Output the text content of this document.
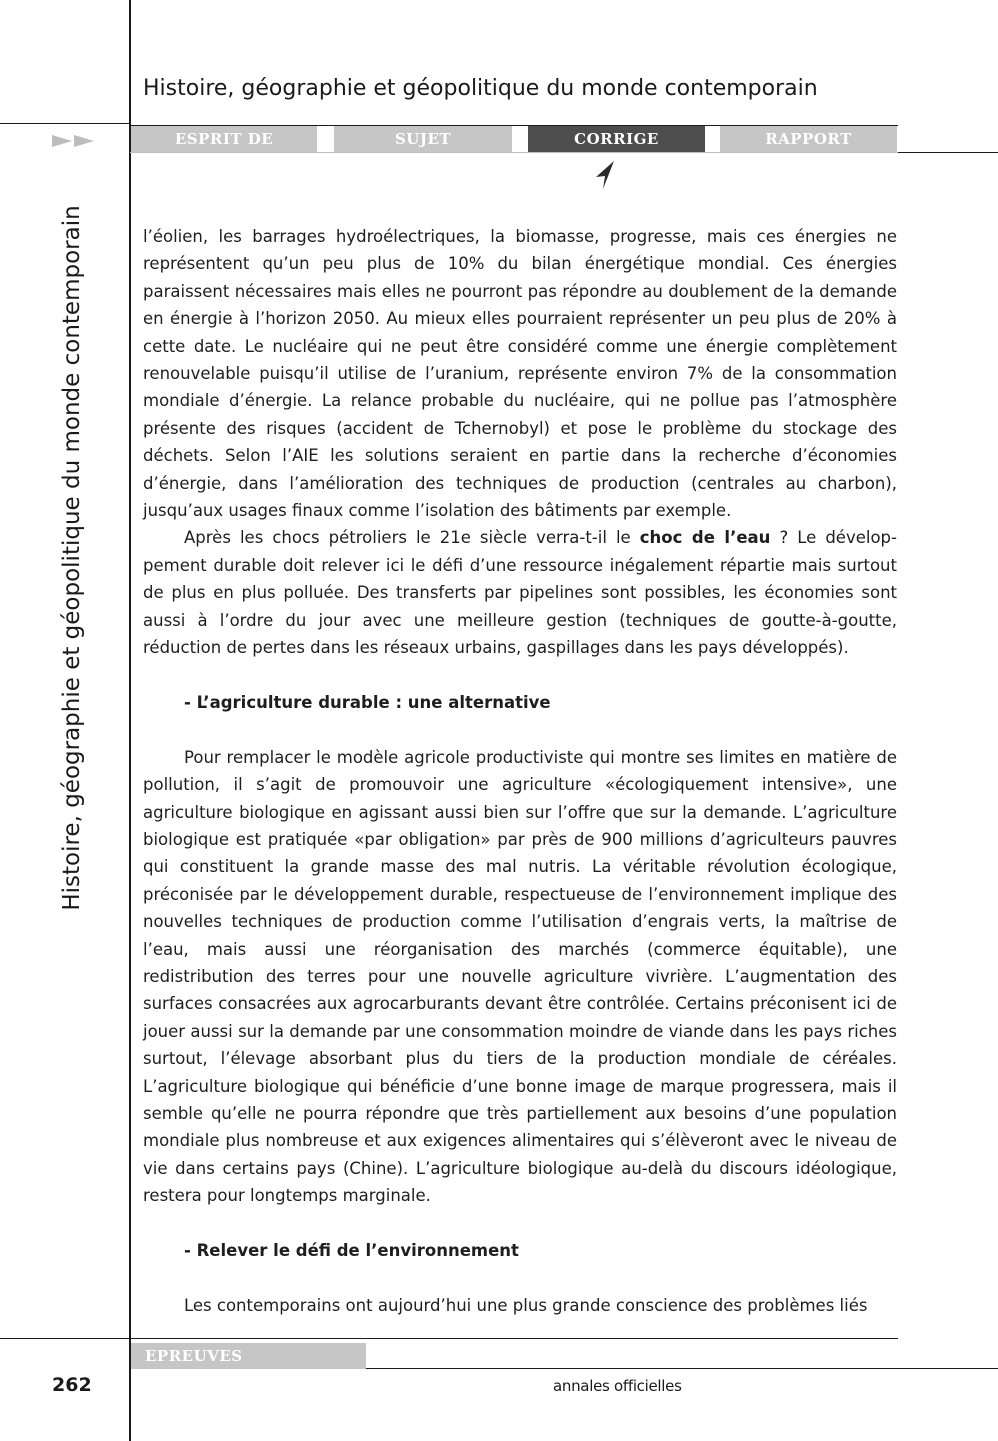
Histoire, géographie et géopolitique du monde contemporain
Histoire, géographie et géopolitique du monde contemporain
ESPRIT DE L’EPREUVE
SUJET	CORRIGE	RAPPORT

l’éolien, les barrages hydroélectriques, la biomasse, progresse, mais ces énergies ne représentent qu’un peu plus de 10% du bilan énergétique mondial. Ces énergies paraissent nécessaires mais elles ne pourront pas répondre au doublement de la demande en énergie à l’horizon 2050. Au mieux elles pourraient représenter un peu plus de 20% à cette date. Le nucléaire qui ne peut être considéré comme une énergie complètement renouvelable puisqu’il utilise de l’uranium, représente environ 7% de la consommation mondiale d’énergie. La relance probable du nucléaire, qui ne pollue pas l’atmosphère présente des risques (accident de Tchernobyl) et pose le problème du stockage des déchets. Selon l’AIE les solutions seraient en partie dans la recherche d’économies d’énergie, dans l’amélioration des techniques de production (centrales au charbon), jusqu’aux usages finaux comme l’isolation des bâtiments par exemple.

Après les chocs pétroliers le 21e siècle verra-t-il le choc de l’eau ? Le développement durable doit relever ici le défi d’une ressource inégalement répartie mais surtout de plus en plus polluée. Des transferts par pipelines sont possibles, les économies sont aussi à l’ordre du jour avec une meilleure gestion (techniques de goutte-à-goutte, réduction de pertes dans les réseaux urbains, gaspillages dans les pays développés).

- L’agriculture durable : une alternative

Pour remplacer le modèle agricole productiviste qui montre ses limites en matière de pollution, il s’agit de promouvoir une agriculture «écologiquement intensive», une agriculture biologique en agissant aussi bien sur l’offre que sur la demande. L’agriculture biologique est pratiquée «par obligation» par près de 900 millions d’agriculteurs pauvres qui constituent la grande masse des mal nutris. La véritable révolution écologique, préconisée par le développement durable, respectueuse de l’environnement implique des nouvelles techniques de production comme l’utilisation d’engrais verts, la maîtrise de l’eau, mais aussi une réorganisation des marchés (commerce équitable), une redistribution des terres pour une nouvelle agriculture vivrière. L’augmentation des surfaces consacrées aux agrocarburants devant être contrôlée. Certains préconisent ici de jouer aussi sur la demande par une consommation moindre de viande dans les pays riches surtout, l’élevage absorbant plus du tiers de la production mondiale de céréales. L’agriculture biologique qui bénéficie d’une bonne image de marque progressera, mais il semble qu’elle ne pourra répondre que très partiellement aux besoins d’une population mondiale plus nombreuse et aux exigences alimentaires qui s’élèveront avec le niveau de vie dans certains pays (Chine). L’agriculture biologique au-delà du discours idéologique, restera pour longtemps marginale.

- Relever le défi de l’environnement

Les contemporains ont aujourd’hui une plus grande conscience des problèmes liés

EPREUVES SPECIFIQUES
262	annales officielles
